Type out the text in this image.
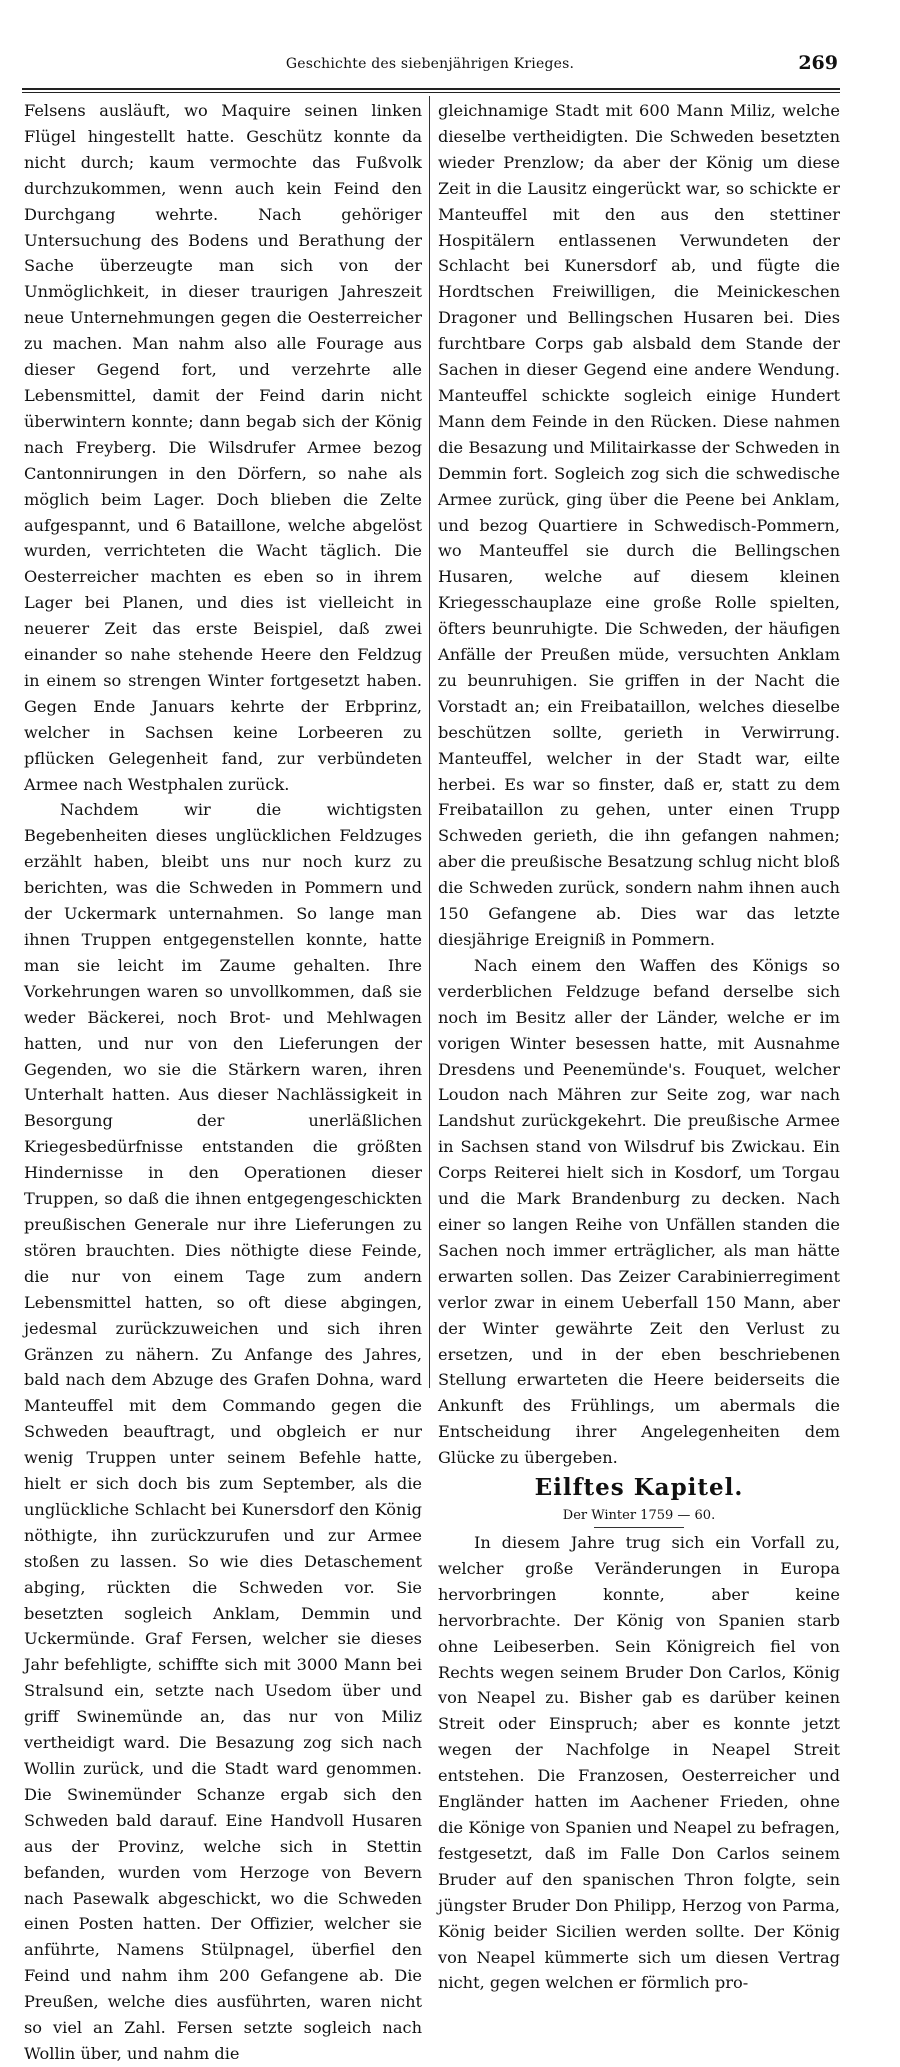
Geschichte des siebenjährigen Krieges.	269

Felsens ausläuft, wo Maquire seinen linken Flügel hingestellt hatte. Geschütz konnte da nicht durch; kaum vermochte das Fußvolk durchzukommen, wenn auch kein Feind den Durchgang wehrte. Nach gehöriger Untersuchung des Bodens und Berathung der Sache überzeugte man sich von der Unmöglichkeit, in dieser traurigen Jahreszeit neue Unternehmungen gegen die Oesterreicher zu machen. Man nahm also alle Fourage aus dieser Gegend fort, und verzehrte alle Lebensmittel, damit der Feind darin nicht überwintern konnte; dann begab sich der König nach Freyberg. Die Wilsdrufer Armee bezog Cantonnirungen in den Dörfern, so nahe als möglich beim Lager. Doch blieben die Zelte aufgespannt, und 6 Bataillone, welche abgelöst wurden, verrichteten die Wacht täglich. Die Oesterreicher machten es eben so in ihrem Lager bei Planen, und dies ist vielleicht in neuerer Zeit das erste Beispiel, daß zwei einander so nahe stehende Heere den Feldzug in einem so strengen Winter fortgesetzt haben. Gegen Ende Januars kehrte der Erbprinz, welcher in Sachsen keine Lorbeeren zu pflücken Gelegenheit fand, zur verbündeten Armee nach Westphalen zurück.

Nachdem wir die wichtigsten Begebenheiten dieses unglücklichen Feldzuges erzählt haben, bleibt uns nur noch kurz zu berichten, was die Schweden in Pommern und der Uckermark unternahmen. So lange man ihnen Truppen entgegenstellen konnte, hatte man sie leicht im Zaume gehalten. Ihre Vorkehrungen waren so unvollkommen, daß sie weder Bäckerei, noch Brot- und Mehlwagen hatten, und nur von den Lieferungen der Gegenden, wo sie die Stärkern waren, ihren Unterhalt hatten. Aus dieser Nachlässigkeit in Besorgung der unerläßlichen Kriegesbedürfnisse entstanden die größten Hindernisse in den Operationen dieser Truppen, so daß die ihnen entgegengeschickten preußischen Generale nur ihre Lieferungen zu stören brauchten. Dies nöthigte diese Feinde, die nur von einem Tage zum andern Lebensmittel hatten, so oft diese abgingen, jedesmal zurückzuweichen und sich ihren Gränzen zu nähern. Zu Anfange des Jahres, bald nach dem Abzuge des Grafen Dohna, ward Manteuffel mit dem Commando gegen die Schweden beauftragt, und obgleich er nur wenig Truppen unter seinem Befehle hatte, hielt er sich doch bis zum September, als die unglückliche Schlacht bei Kunersdorf den König nöthigte, ihn zurückzurufen und zur Armee stoßen zu lassen. So wie dies Detaschement abging, rückten die Schweden vor. Sie besetzten sogleich Anklam, Demmin und Uckermünde. Graf Fersen, welcher sie dieses Jahr befehligte, schiffte sich mit 3000 Mann bei Stralsund ein, setzte nach Usedom über und griff Swinemünde an, das nur von Miliz vertheidigt ward. Die Besazung zog sich nach Wollin zurück, und die Stadt ward genommen. Die Swinemünder Schanze ergab sich den Schweden bald darauf. Eine Handvoll Husaren aus der Provinz, welche sich in Stettin befanden, wurden vom Herzoge von Bevern nach Pasewalk abgeschickt, wo die Schweden einen Posten hatten. Der Offizier, welcher sie anführte, Namens Stülpnagel, überfiel den Feind und nahm ihm 200 Gefangene ab. Die Preußen, welche dies ausführten, waren nicht so viel an Zahl. Fersen setzte sogleich nach Wollin über, und nahm die

gleichnamige Stadt mit 600 Mann Miliz, welche dieselbe vertheidigten. Die Schweden besetzten wieder Prenzlow; da aber der König um diese Zeit in die Lausitz eingerückt war, so schickte er Manteuffel mit den aus den stettiner Hospitälern entlassenen Verwundeten der Schlacht bei Kunersdorf ab, und fügte die Hordtschen Freiwilligen, die Meinickeschen Dragoner und Bellingschen Husaren bei. Dies furchtbare Corps gab alsbald dem Stande der Sachen in dieser Gegend eine andere Wendung. Manteuffel schickte sogleich einige Hundert Mann dem Feinde in den Rücken. Diese nahmen die Besazung und Militairkasse der Schweden in Demmin fort. Sogleich zog sich die schwedische Armee zurück, ging über die Peene bei Anklam, und bezog Quartiere in Schwedisch-Pommern, wo Manteuffel sie durch die Bellingschen Husaren, welche auf diesem kleinen Kriegesschauplaze eine große Rolle spielten, öfters beunruhigte. Die Schweden, der häufigen Anfälle der Preußen müde, versuchten Anklam zu beunruhigen. Sie griffen in der Nacht die Vorstadt an; ein Freibataillon, welches dieselbe beschützen sollte, gerieth in Verwirrung. Manteuffel, welcher in der Stadt war, eilte herbei. Es war so finster, daß er, statt zu dem Freibataillon zu gehen, unter einen Trupp Schweden gerieth, die ihn gefangen nahmen; aber die preußische Besatzung schlug nicht bloß die Schweden zurück, sondern nahm ihnen auch 150 Gefangene ab. Dies war das letzte diesjährige Ereigniß in Pommern.

Nach einem den Waffen des Königs so verderblichen Feldzuge befand derselbe sich noch im Besitz aller der Länder, welche er im vorigen Winter besessen hatte, mit Ausnahme Dresdens und Peenemünde's. Fouquet, welcher Loudon nach Mähren zur Seite zog, war nach Landshut zurückgekehrt. Die preußische Armee in Sachsen stand von Wilsdruf bis Zwickau. Ein Corps Reiterei hielt sich in Kosdorf, um Torgau und die Mark Brandenburg zu decken. Nach einer so langen Reihe von Unfällen standen die Sachen noch immer erträglicher, als man hätte erwarten sollen. Das Zeizer Carabinierregiment verlor zwar in einem Ueberfall 150 Mann, aber der Winter gewährte Zeit den Verlust zu ersetzen, und in der eben beschriebenen Stellung erwarteten die Heere beiderseits die Ankunft des Frühlings, um abermals die Entscheidung ihrer Angelegenheiten dem Glücke zu übergeben.

Eilftes Kapitel.

Der Winter 1759 — 60.

In diesem Jahre trug sich ein Vorfall zu, welcher große Veränderungen in Europa hervorbringen konnte, aber keine hervorbrachte. Der König von Spanien starb ohne Leibeserben. Sein Königreich fiel von Rechts wegen seinem Bruder Don Carlos, König von Neapel zu. Bisher gab es darüber keinen Streit oder Einspruch; aber es konnte jetzt wegen der Nachfolge in Neapel Streit entstehen. Die Franzosen, Oesterreicher und Engländer hatten im Aachener Frieden, ohne die Könige von Spanien und Neapel zu befragen, festgesetzt, daß im Falle Don Carlos seinem Bruder auf den spanischen Thron folgte, sein jüngster Bruder Don Philipp, Herzog von Parma, König beider Sicilien werden sollte. Der König von Neapel kümmerte sich um diesen Vertrag nicht, gegen welchen er förmlich pro-
